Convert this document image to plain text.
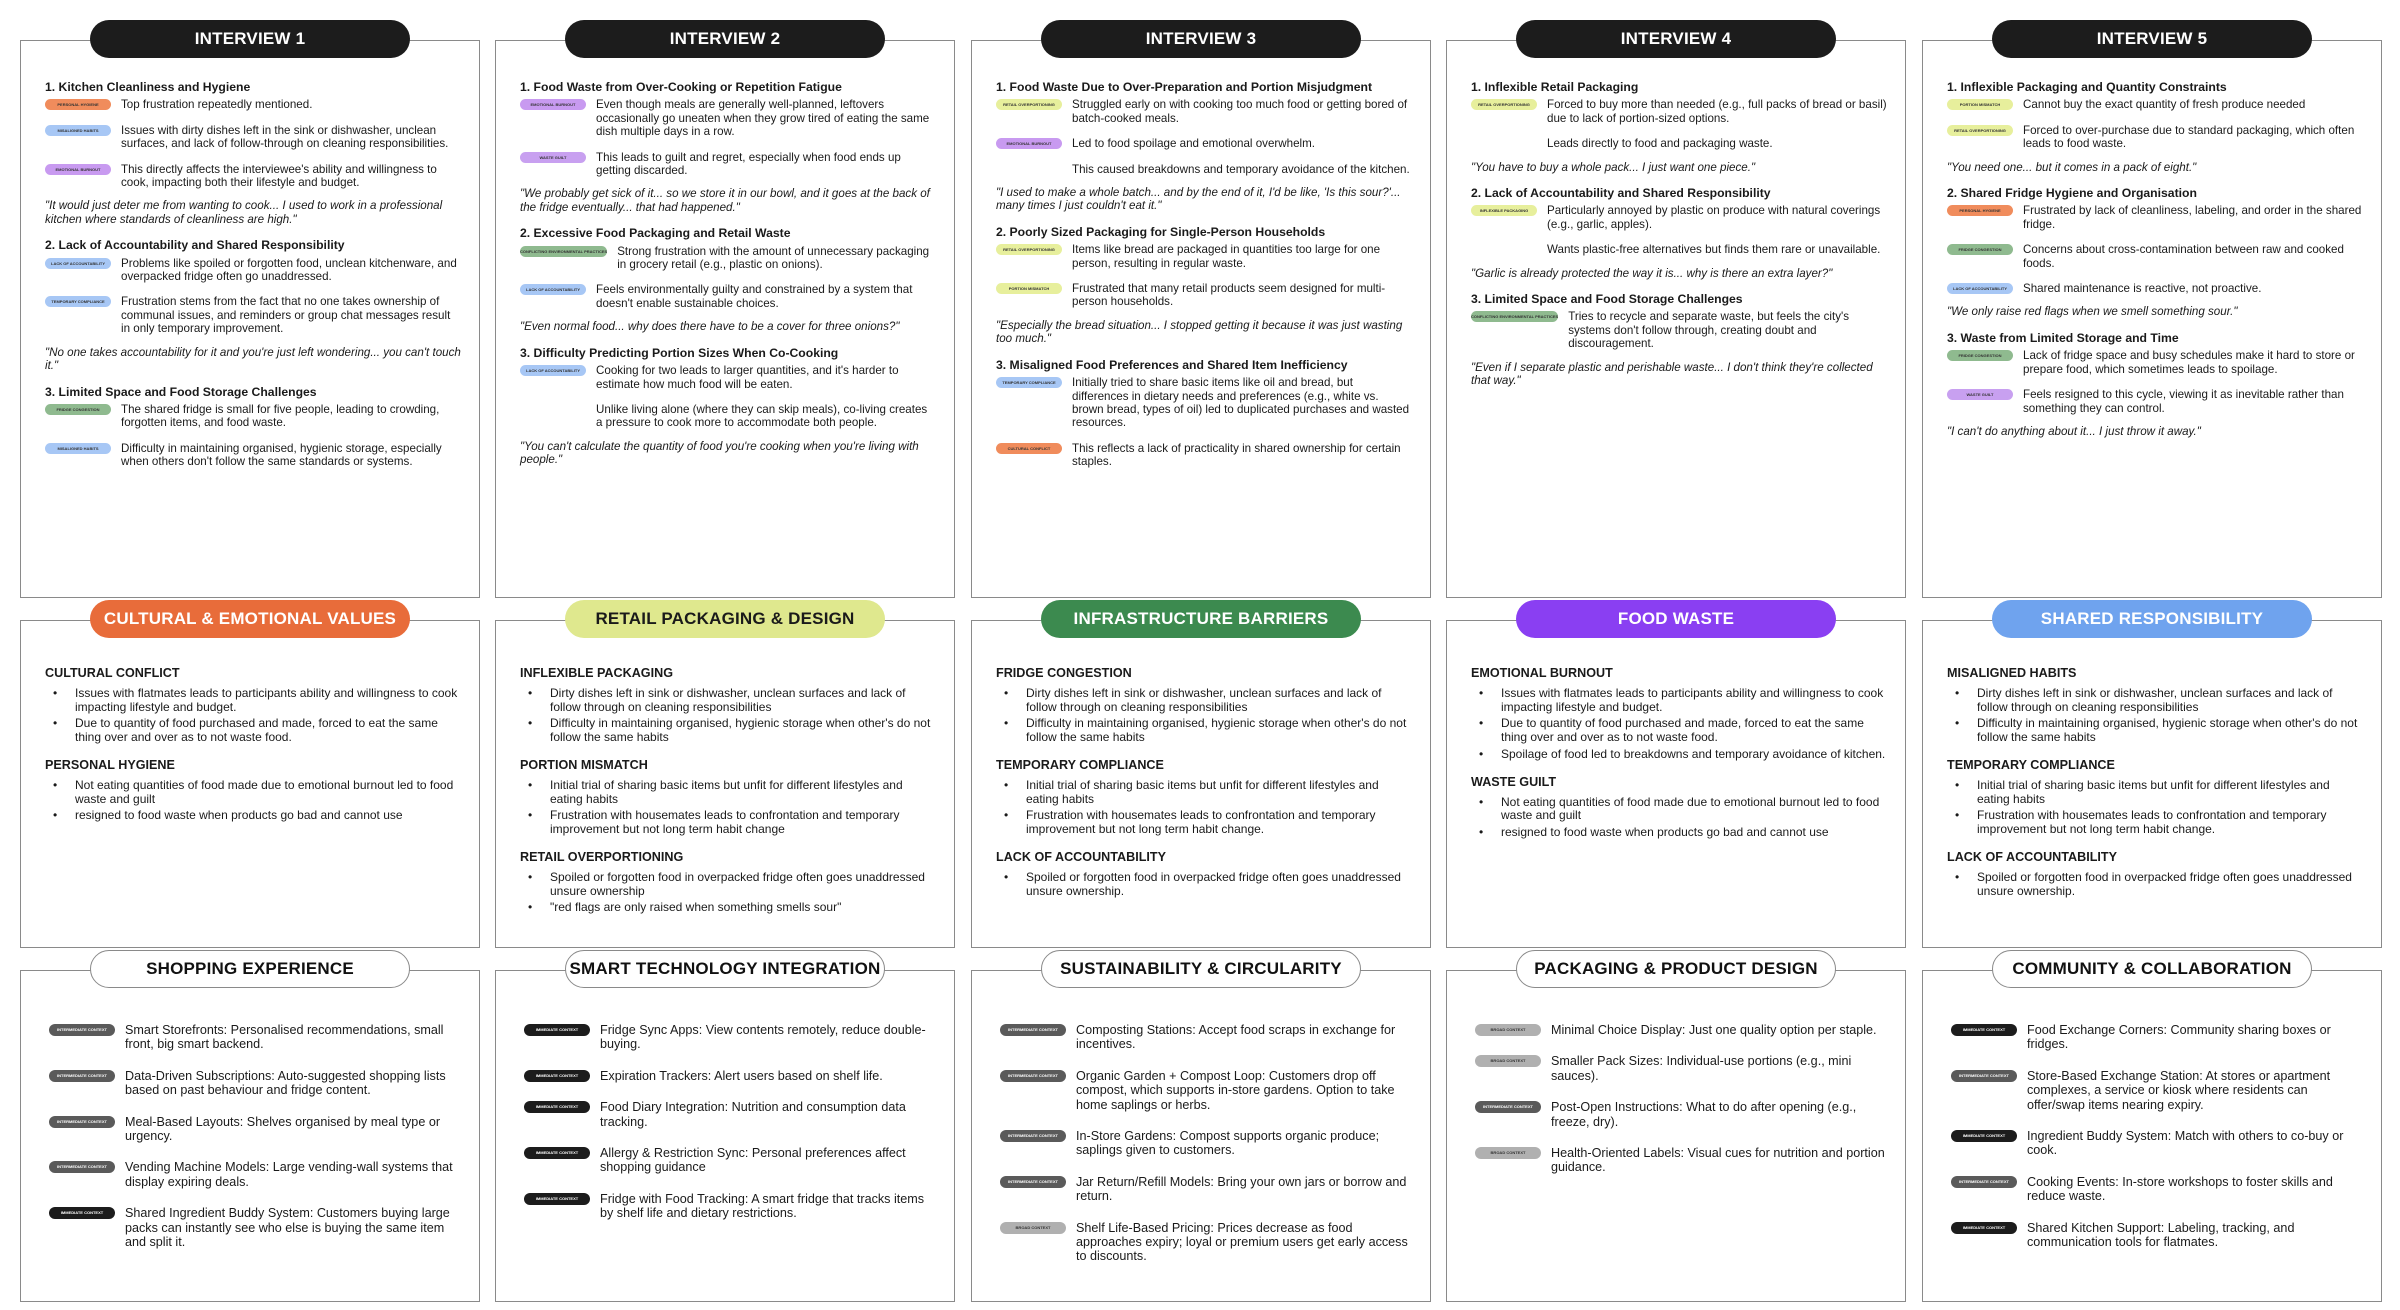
1. Kitchen Cleanliness and Hygiene
PERSONAL HYGIENE	Top frustration repeatedly mentioned.
MISALIGNED HABITS	Issues with dirty dishes left in the sink or dishwasher, unclean surfaces, and lack of follow-through on cleaning responsibilities.
EMOTIONAL BURNOUT	This directly affects the interviewee's ability and willingness to cook, impacting both their lifestyle and budget.
"It would just deter me from wanting to cook... I used to work in a professional kitchen where standards of cleanliness are high."
2. Lack of Accountability and Shared Responsibility
LACK OF ACCOUNTABILITY	Problems like spoiled or forgotten food, unclean kitchenware, and overpacked fridge often go unaddressed.
TEMPORARY COMPLIANCE	Frustration stems from the fact that no one takes ownership of communal issues, and reminders or group chat messages result in only temporary improvement.
"No one takes accountability for it and you're just left wondering... you can't touch it."
3. Limited Space and Food Storage Challenges
FRIDGE CONGESTION	The shared fridge is small for five people, leading to crowding, forgotten items, and food waste.
MISALIGNED HABITS	Difficulty in maintaining organised, hygienic storage, especially when others don't follow the same standards or systems.
INTERVIEW 1
1. Food Waste from Over-Cooking or Repetition Fatigue
EMOTIONAL BURNOUT	Even though meals are generally well-planned, leftovers occasionally go uneaten when they grow tired of eating the same dish multiple days in a row.
WASTE GUILT	This leads to guilt and regret, especially when food ends up getting discarded.
"We probably get sick of it... so we store it in our bowl, and it goes at the back of the fridge eventually... that had happened."
2. Excessive Food Packaging and Retail Waste
CONFLICTING ENVIRONMENTAL PRACTICES Strong frustration with the amount of unnecessary packaging in grocery retail (e.g., plastic on onions).
LACK OF ACCOUNTABILITY	Feels environmentally guilty and constrained by a system that doesn't enable sustainable choices.
"Even normal food... why does there have to be a cover for three onions?"
3. Difficulty Predicting Portion Sizes When Co-Cooking
LACK OF ACCOUNTABILITY	Cooking for two leads to larger quantities, and it's harder to estimate how much food will be eaten.
Unlike living alone (where they can skip meals), co-living creates a pressure to cook more to accommodate both people.
"You can't calculate the quantity of food you're cooking when you're living with people."
INTERVIEW 2
1. Food Waste Due to Over-Preparation and Portion Misjudgment
RETAIL OVERPORTIONING	Struggled early on with cooking too much food or getting bored of batch-cooked meals.
EMOTIONAL BURNOUT	Led to food spoilage and emotional overwhelm.
This caused breakdowns and temporary avoidance of the kitchen.
"I used to make a whole batch... and by the end of it, I'd be like, 'Is this sour?'... many times I just couldn't eat it."
2. Poorly Sized Packaging for Single-Person Households
RETAIL OVERPORTIONING	Items like bread are packaged in quantities too large for one person, resulting in regular waste.
PORTION MISMATCH	Frustrated that many retail products seem designed for multi-person households.
"Especially the bread situation... I stopped getting it because it was just wasting too much."
3. Misaligned Food Preferences and Shared Item Inefficiency
TEMPORARY COMPLIANCE	Initially tried to share basic items like oil and bread, but differences in dietary needs and preferences (e.g., white vs. brown bread, types of oil) led to duplicated purchases and wasted resources.
CULTURAL CONFLICT	This reflects a lack of practicality in shared ownership for certain staples.
INTERVIEW 3
1. Inflexible Retail Packaging
RETAIL OVERPORTIONING	Forced to buy more than needed (e.g., full packs of bread or basil) due to lack of portion-sized options.
Leads directly to food and packaging waste.
"You have to buy a whole pack... I just want one piece."
2. Lack of Accountability and Shared Responsibility
INFLEXIBLE PACKAGING	Particularly annoyed by plastic on produce with natural coverings (e.g., garlic, apples).
Wants plastic-free alternatives but finds them rare or unavailable.
"Garlic is already protected the way it is... why is there an extra layer?"
3. Limited Space and Food Storage Challenges
CONFLICTING ENVIRONMENTAL PRACTICES Tries to recycle and separate waste, but feels the city's systems don't follow through, creating doubt and discouragement.
"Even if I separate plastic and perishable waste... I don't think they're collected that way."
INTERVIEW 4
1. Inflexible Packaging and Quantity Constraints
PORTION MISMATCH	Cannot buy the exact quantity of fresh produce needed
RETAIL OVERPORTIONING	Forced to over-purchase due to standard packaging, which often leads to food waste.
"You need one... but it comes in a pack of eight."
2. Shared Fridge Hygiene and Organisation
PERSONAL HYGIENE	Frustrated by lack of cleanliness, labeling, and order in the shared fridge.
FRIDGE CONGESTION	Concerns about cross-contamination between raw and cooked foods.
LACK OF ACCOUNTABILITY	Shared maintenance is reactive, not proactive.
"We only raise red flags when we smell something sour."
3. Waste from Limited Storage and Time
FRIDGE CONGESTION	Lack of fridge space and busy schedules make it hard to store or prepare food, which sometimes leads to spoilage.
WASTE GUILT	Feels resigned to this cycle, viewing it as inevitable rather than something they can control.
"I can't do anything about it... I just throw it away."
INTERVIEW 5
CULTURAL CONFLICT
• Issues with flatmates leads to participants ability and willingness to cook impacting lifestyle and budget.
• Due to quantity of food purchased and made, forced to eat the same thing over and over as to not waste food.
PERSONAL HYGIENE
• Not eating quantities of food made due to emotional burnout led to food waste and guilt
• resigned to food waste when products go bad and cannot use
CULTURAL & EMOTIONAL VALUES
INFLEXIBLE PACKAGING
• Dirty dishes left in sink or dishwasher, unclean surfaces and lack of follow through on cleaning responsibilities
• Difficulty in maintaining organised, hygienic storage when other's do not follow the same habits
PORTION MISMATCH
• Initial trial of sharing basic items but unfit for different lifestyles and eating habits
• Frustration with housemates leads to confrontation and temporary improvement but not long term habit change
RETAIL OVERPORTIONING
• Spoiled or forgotten food in overpacked fridge often goes unaddressed unsure ownership
• "red flags are only raised when something smells sour"
RETAIL PACKAGING & DESIGN
FRIDGE CONGESTION
• Dirty dishes left in sink or dishwasher, unclean surfaces and lack of follow through on cleaning responsibilities
• Difficulty in maintaining organised, hygienic storage when other's do not follow the same habits
TEMPORARY COMPLIANCE
• Initial trial of sharing basic items but unfit for different lifestyles and eating habits
• Frustration with housemates leads to confrontation and temporary improvement but not long term habit change.
LACK OF ACCOUNTABILITY
• Spoiled or forgotten food in overpacked fridge often goes unaddressed unsure ownership.
INFRASTRUCTURE BARRIERS
EMOTIONAL BURNOUT
• Issues with flatmates leads to participants ability and willingness to cook impacting lifestyle and budget.
• Due to quantity of food purchased and made, forced to eat the same thing over and over as to not waste food.
• Spoilage of food led to breakdowns and temporary avoidance of kitchen.
WASTE GUILT
• Not eating quantities of food made due to emotional burnout led to food waste and guilt
• resigned to food waste when products go bad and cannot use
FOOD WASTE
MISALIGNED HABITS
• Dirty dishes left in sink or dishwasher, unclean surfaces and lack of follow through on cleaning responsibilities
• Difficulty in maintaining organised, hygienic storage when other's do not follow the same habits
TEMPORARY COMPLIANCE
• Initial trial of sharing basic items but unfit for different lifestyles and eating habits
• Frustration with housemates leads to confrontation and temporary improvement but not long term habit change.
LACK OF ACCOUNTABILITY
• Spoiled or forgotten food in overpacked fridge often goes unaddressed unsure ownership.
SHARED RESPONSIBILITY
INTERMEDIATE CONTEXT	Smart Storefronts: Personalised recommendations, small front, big smart backend.
INTERMEDIATE CONTEXT	Data-Driven Subscriptions: Auto-suggested shopping lists based on past behaviour and fridge content.
INTERMEDIATE CONTEXT	Meal-Based Layouts: Shelves organised by meal type or urgency.
INTERMEDIATE CONTEXT	Vending Machine Models: Large vending-wall systems that display expiring deals.
IMMEDIATE CONTEXT	Shared Ingredient Buddy System: Customers buying large packs can instantly see who else is buying the same item and split it.
SHOPPING EXPERIENCE
IMMEDIATE CONTEXT	Fridge Sync Apps: View contents remotely, reduce double-buying.
IMMEDIATE CONTEXT	Expiration Trackers: Alert users based on shelf life.
IMMEDIATE CONTEXT	Food Diary Integration: Nutrition and consumption data tracking.
IMMEDIATE CONTEXT	Allergy & Restriction Sync: Personal preferences affect shopping guidance
IMMEDIATE CONTEXT	Fridge with Food Tracking: A smart fridge that tracks items by shelf life and dietary restrictions.
SMART TECHNOLOGY INTEGRATION
INTERMEDIATE CONTEXT	Composting Stations: Accept food scraps in exchange for incentives.
INTERMEDIATE CONTEXT	Organic Garden + Compost Loop: Customers drop off compost, which supports in-store gardens. Option to take home saplings or herbs.
INTERMEDIATE CONTEXT	In-Store Gardens: Compost supports organic produce; saplings given to customers.
INTERMEDIATE CONTEXT	Jar Return/Refill Models: Bring your own jars or borrow and return.
BROAD CONTEXT	Shelf Life-Based Pricing: Prices decrease as food approaches expiry; loyal or premium users get early access to discounts.
SUSTAINABILITY & CIRCULARITY
BROAD CONTEXT	Minimal Choice Display: Just one quality option per staple.
BROAD CONTEXT	Smaller Pack Sizes: Individual-use portions (e.g., mini sauces).
INTERMEDIATE CONTEXT	Post-Open Instructions: What to do after opening (e.g., freeze, dry).
BROAD CONTEXT	Health-Oriented Labels: Visual cues for nutrition and portion guidance.
PACKAGING & PRODUCT DESIGN
IMMEDIATE CONTEXT	Food Exchange Corners: Community sharing boxes or fridges.
INTERMEDIATE CONTEXT	Store-Based Exchange Station: At stores or apartment complexes, a service or kiosk where residents can offer/swap items nearing expiry.
IMMEDIATE CONTEXT	Ingredient Buddy System: Match with others to co-buy or cook.
INTERMEDIATE CONTEXT	Cooking Events: In-store workshops to foster skills and reduce waste.
IMMEDIATE CONTEXT	Shared Kitchen Support: Labeling, tracking, and communication tools for flatmates.
COMMUNITY & COLLABORATION
